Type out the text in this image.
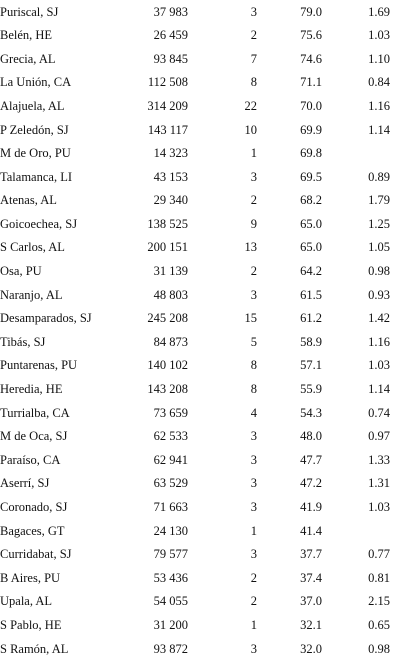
Puriscal, SJ	37 983	3	79.0	1.69	
Belén, HE	26 459	2	75.6	1.03	
Grecia, AL	93 845	7	74.6	1.10	
La Unión, CA	112 508	8	71.1	0.84	
Alajuela, AL	314 209	22	70.0	1.16	
P Zeledón, SJ	143 117	10	69.9	1.14	
M de Oro, PU	14 323	1	69.8		
Talamanca, LI	43 153	3	69.5	0.89	
Atenas, AL	29 340	2	68.2	1.79	
Goicoechea, SJ	138 525	9	65.0	1.25	
S Carlos, AL	200 151	13	65.0	1.05	
Osa, PU	31 139	2	64.2	0.98	
Naranjo, AL	48 803	3	61.5	0.93	
Desamparados, SJ	245 208	15	61.2	1.42	
Tibás, SJ	84 873	5	58.9	1.16	
Puntarenas, PU	140 102	8	57.1	1.03	
Heredia, HE	143 208	8	55.9	1.14	
Turrialba, CA	73 659	4	54.3	0.74	
M de Oca, SJ	62 533	3	48.0	0.97	
Paraíso, CA	62 941	3	47.7	1.33	
Aserrí, SJ	63 529	3	47.2	1.31	
Coronado, SJ	71 663	3	41.9	1.03	
Bagaces, GT	24 130	1	41.4		
Curridabat, SJ	79 577	3	37.7	0.77	
B Aires, PU	53 436	2	37.4	0.81	
Upala, AL	54 055	2	37.0	2.15	
S Pablo, HE	31 200	1	32.1	0.65	
S Ramón, AL	93 872	3	32.0	0.98	
